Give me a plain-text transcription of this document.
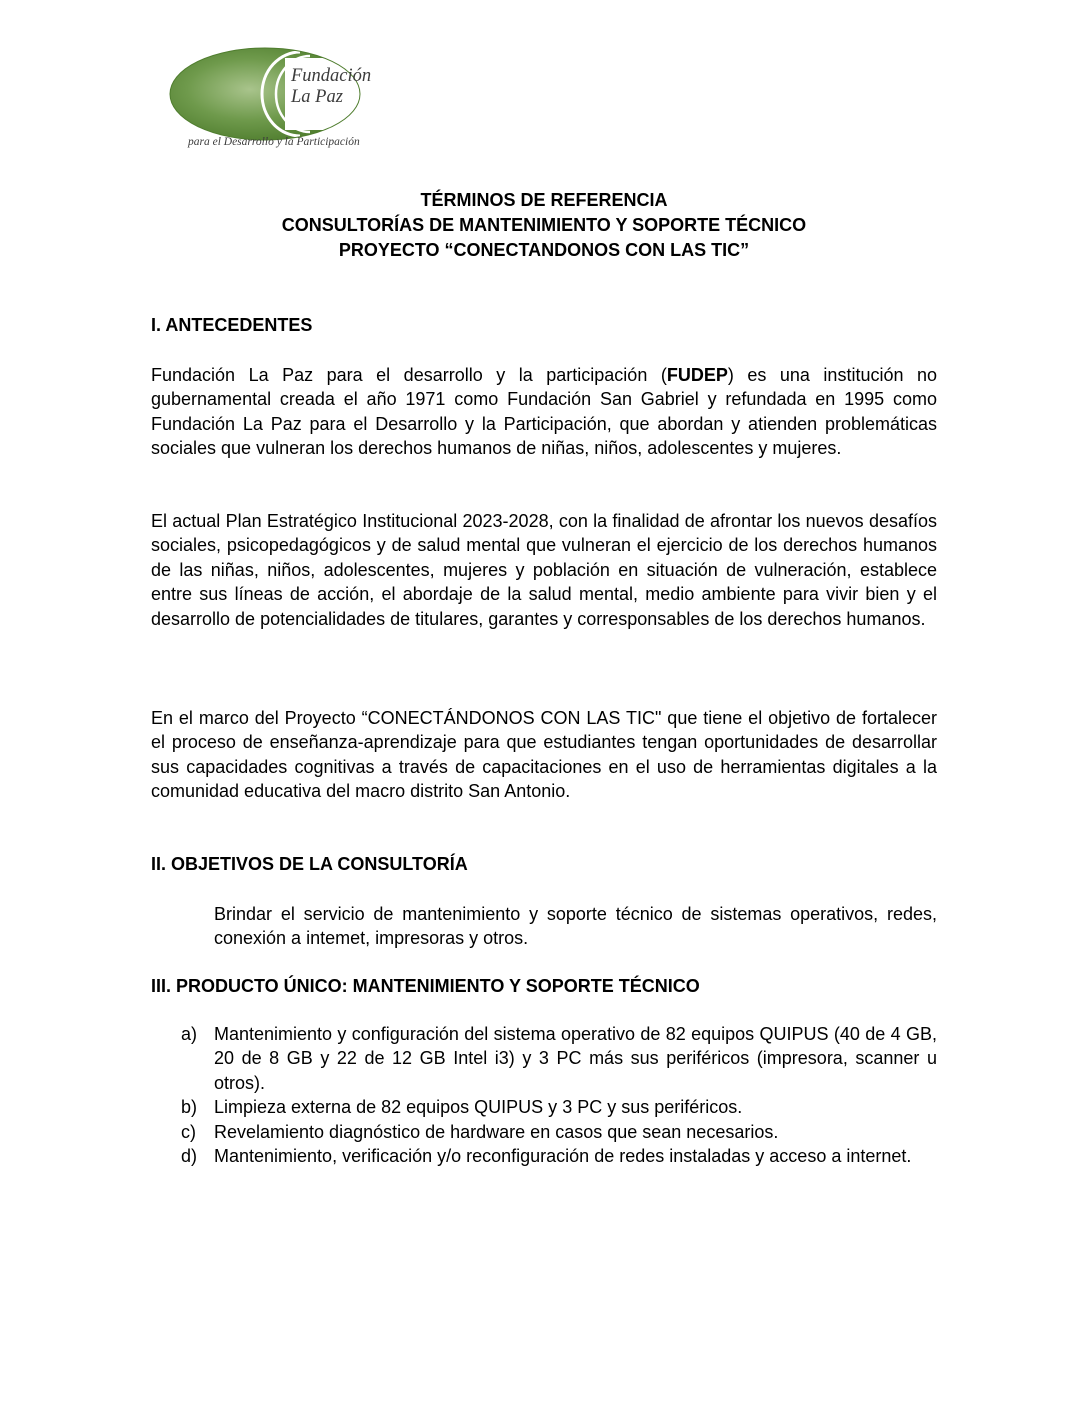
Fundación
La Paz
para el Desarrollo y la Participación
TÉRMINOS DE REFERENCIA
CONSULTORÍAS DE MANTENIMIENTO Y SOPORTE TÉCNICO
PROYECTO “CONECTANDONOS CON LAS TIC”
I. ANTECEDENTES
Fundación La Paz para el desarrollo y la participación (FUDEP) es una institución no gubernamental creada el año 1971 como Fundación San Gabriel y refundada en 1995 como Fundación La Paz para el Desarrollo y la Participación, que abordan y atienden problemáticas sociales que vulneran los derechos humanos de niñas, niños, adolescentes y mujeres.
El actual Plan Estratégico Institucional 2023-2028, con la finalidad de afrontar los nuevos desafíos sociales, psicopedagógicos y de salud mental que vulneran el ejercicio de los derechos humanos de las niñas, niños, adolescentes, mujeres y población en situación de vulneración, establece entre sus líneas de acción, el abordaje de la salud mental, medio ambiente para vivir bien y el desarrollo de potencialidades de titulares, garantes y corresponsables de los derechos humanos.
En el marco del Proyecto “CONECTÁNDONOS CON LAS TIC" que tiene el objetivo de fortalecer el proceso de enseñanza-aprendizaje para que estudiantes tengan oportunidades de desarrollar sus capacidades cognitivas a través de capacitaciones en el uso de herramientas digitales a la comunidad educativa del macro distrito San Antonio.
II. OBJETIVOS DE LA CONSULTORÍA
Brindar el servicio de mantenimiento y soporte técnico de sistemas operativos, redes, conexión a intemet, impresoras y otros.
III. PRODUCTO ÚNICO: MANTENIMIENTO Y SOPORTE TÉCNICO
a) Mantenimiento y configuración del sistema operativo de 82 equipos QUIPUS (40 de 4 GB, 20 de 8 GB y 22 de 12 GB Intel i3) y 3 PC más sus periféricos (impresora, scanner u otros).
b) Limpieza externa de 82 equipos QUIPUS y 3 PC y sus periféricos.
c) Revelamiento diagnóstico de hardware en casos que sean necesarios.
d) Mantenimiento, verificación y/o reconfiguración de redes instaladas y acceso a internet.
